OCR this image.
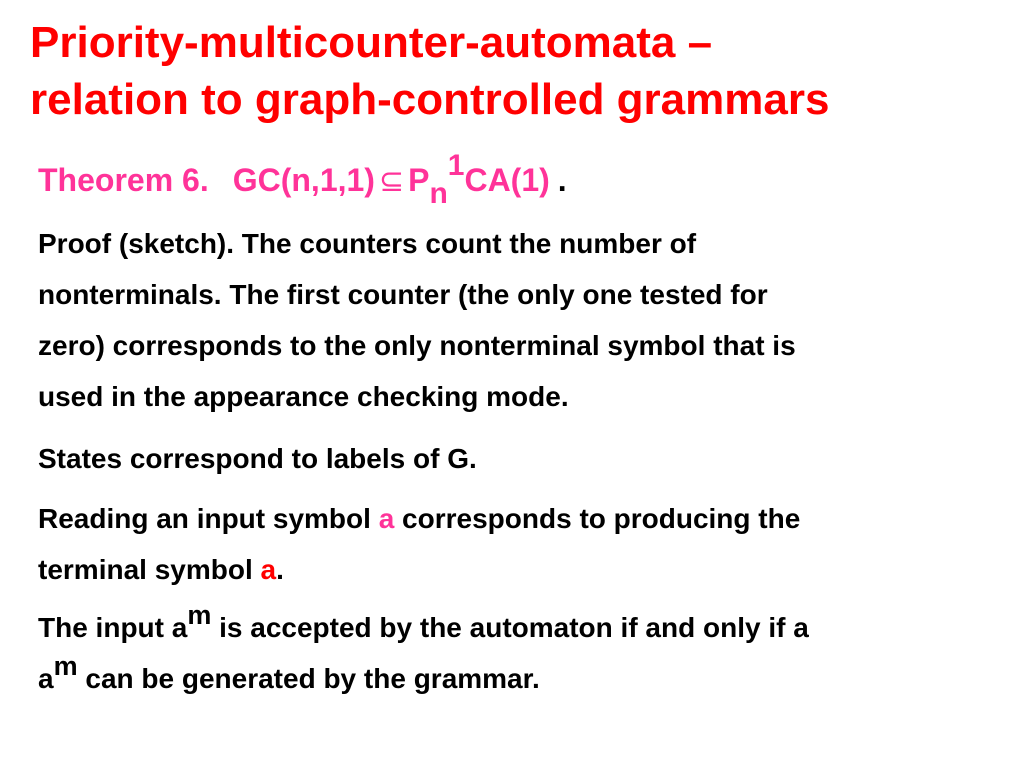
Priority-multicounter-automata –
relation to graph-controlled grammars
Theorem 6. GC(n,1,1) ⊆ $P_n^1CA(1)$ .

Proof (sketch). The counters count the number of
nonterminals. The first counter (the only one tested for
zero) corresponds to the only nonterminal symbol that is
used in the appearance checking mode.

States correspond to labels of G.

Reading an input symbol a corresponds to producing the
terminal symbol a.

The input $a^m$ is accepted by the automaton if and only if a
$a^m$ can be generated by the grammar.
